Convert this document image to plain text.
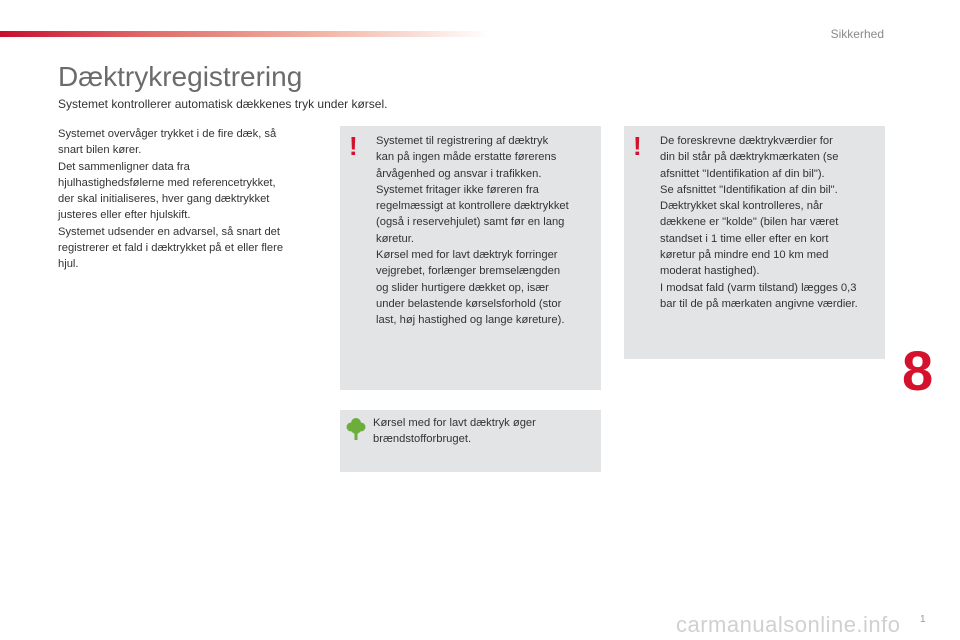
Sikkerhed
Dæktrykregistrering
Systemet kontrollerer automatisk dækkenes tryk under kørsel.

Systemet overvåger trykket i de fire dæk, så

snart bilen kører.

Det sammenligner data fra

hjulhastighedsfølerne med referencetrykket,

der skal initialiseres, hver gang dæktrykket

justeres eller efter hjulskift.

Systemet udsender en advarsel, så snart det

registrerer et fald i dæktrykket på et eller flere

hjul.

! Systemet til registrering af dæktryk

kan på ingen måde erstatte førerens

årvågenhed og ansvar i trafikken.

Systemet fritager ikke føreren fra

regelmæssigt at kontrollere dæktrykket

(også i reservehjulet) samt før en lang

køretur.

Kørsel med for lavt dæktryk forringer

vejgrebet, forlænger bremselængden

og slider hurtigere dækket op, især

under belastende kørselsforhold (stor

last, høj hastighed og lange køreture).

Kørsel med for lavt dæktryk øger

brændstofforbruget.

! De foreskrevne dæktrykværdier for

din bil står på dæktrykmærkaten (se

afsnittet "Identifikation af din bil").

Se afsnittet "Identifikation af din bil".

Dæktrykket skal kontrolleres, når

dækkene er "kolde" (bilen har været

standset i 1 time eller efter en kort

køretur på mindre end 10 km med

moderat hastighed).

I modsat fald (varm tilstand) lægges 0,3

bar til de på mærkaten angivne værdier.

8
carmanualsonline.info 1
